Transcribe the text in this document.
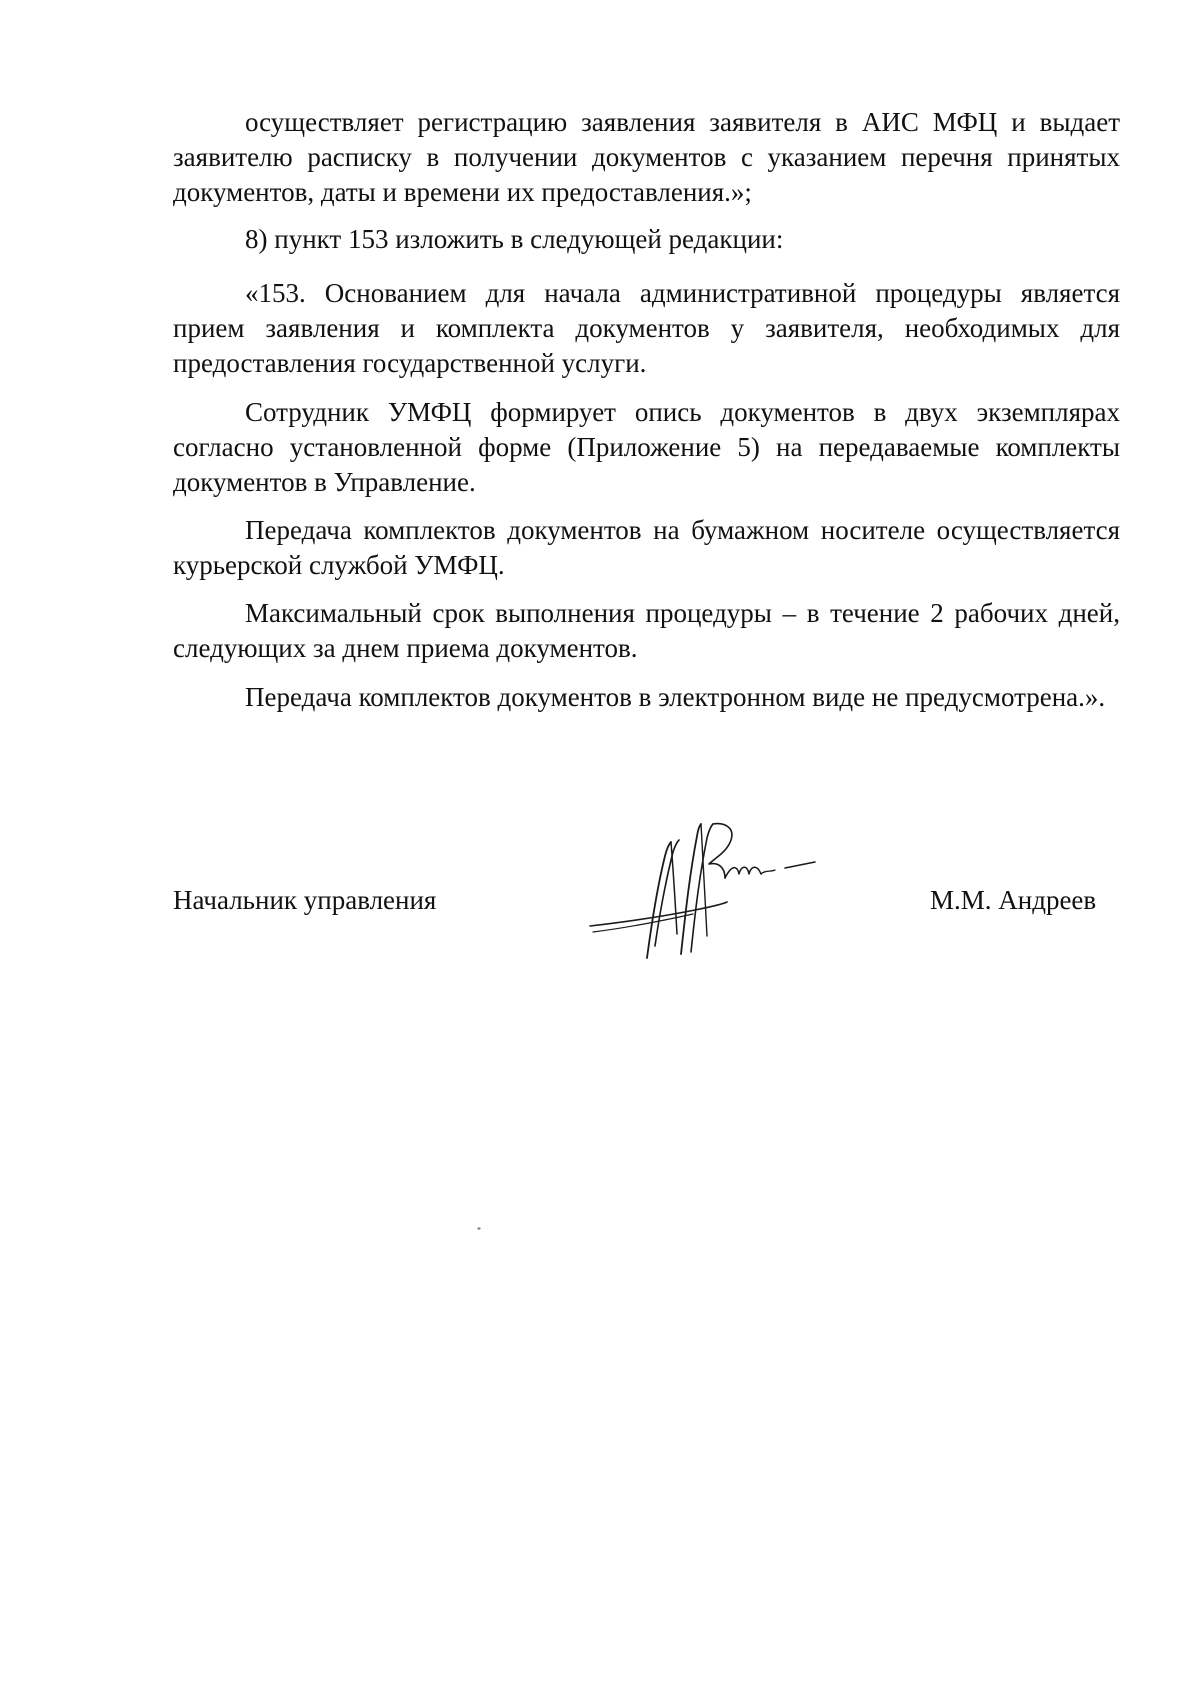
осуществляет регистрацию заявления заявителя в АИС МФЦ и выдает заявителю расписку в получении документов с указанием перечня принятых документов, даты и времени их предоставления.»;

8) пункт 153 изложить в следующей редакции:

«153. Основанием для начала административной процедуры является прием заявления и комплекта документов у заявителя, необходимых для предоставления государственной услуги.

Сотрудник УМФЦ формирует опись документов в двух экземплярах согласно установленной форме (Приложение 5) на передаваемые комплекты документов в Управление.

Передача комплектов документов на бумажном носителе осуществляется курьерской службой УМФЦ.

Максимальный срок выполнения процедуры – в течение 2 рабочих дней, следующих за днем приема документов.

Передача комплектов документов в электронном виде не предусмотрена.».

Начальник управления	М.М. Андреев
